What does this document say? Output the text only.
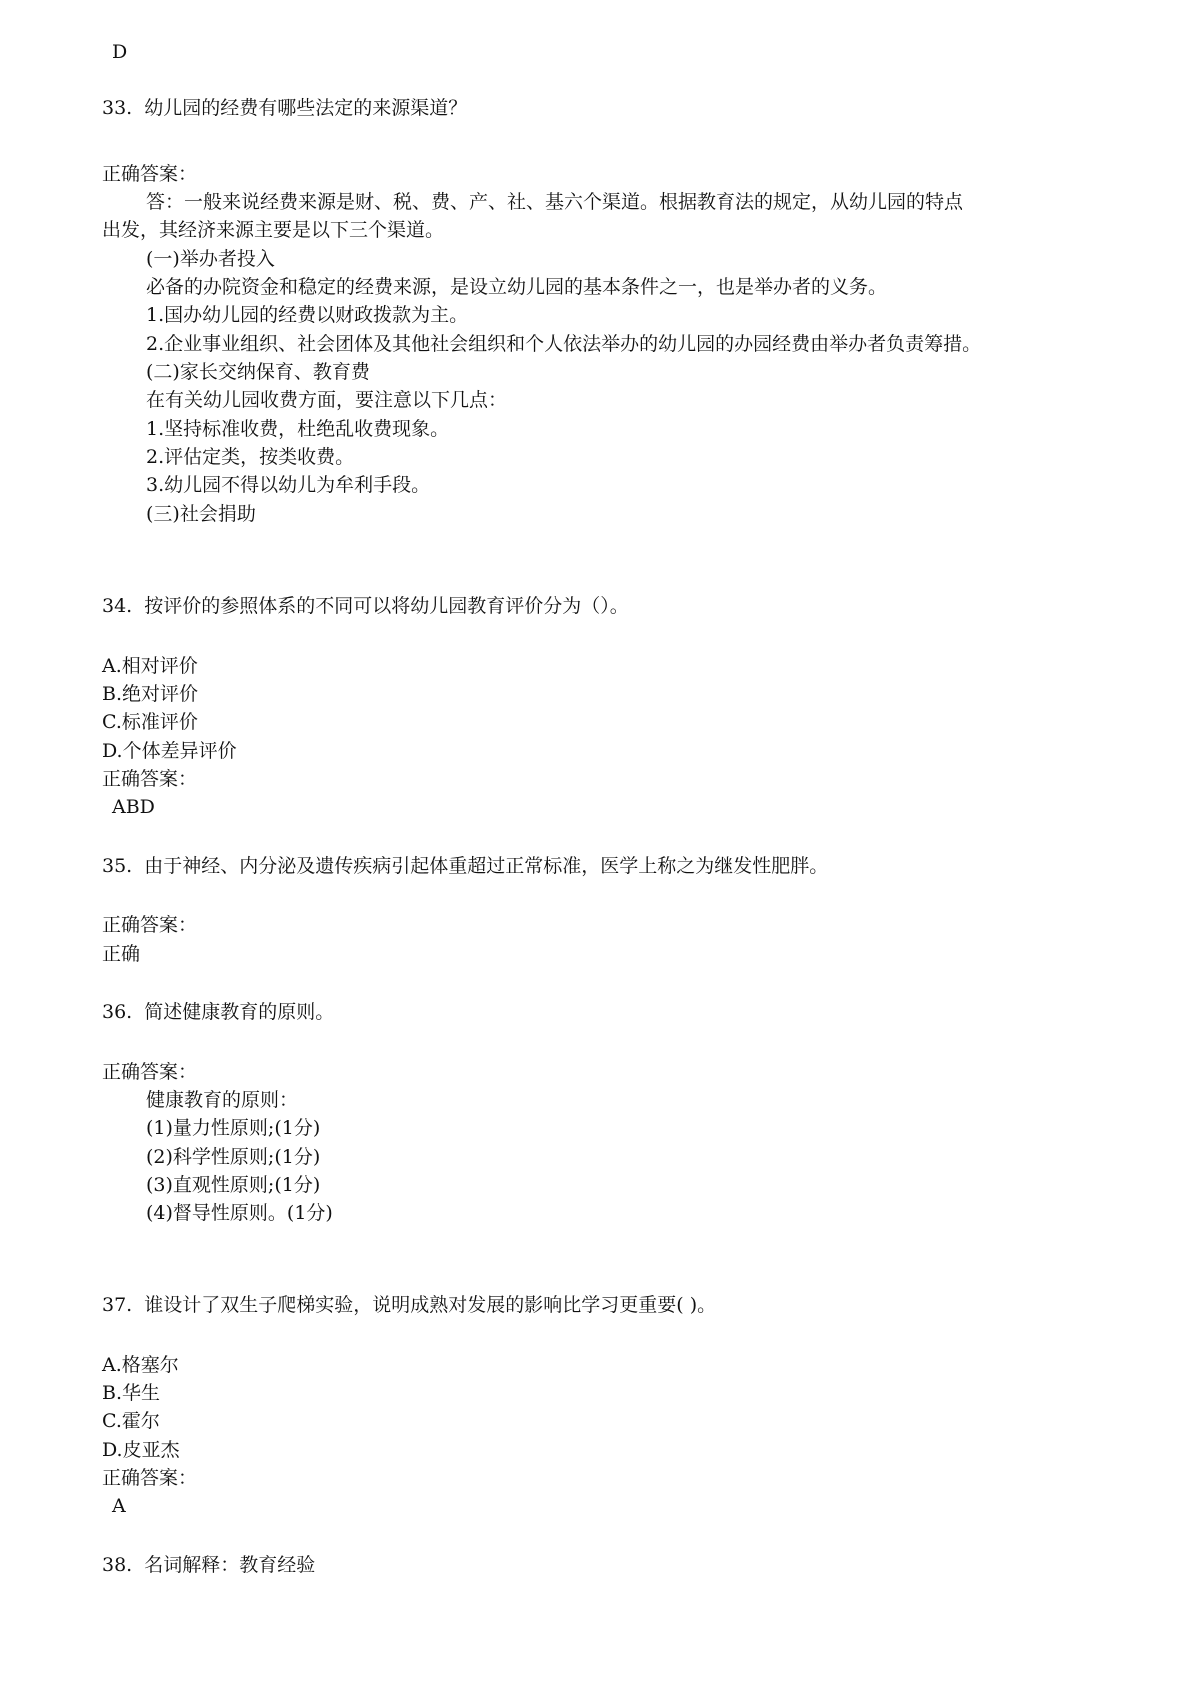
D
33.  幼儿园的经费有哪些法定的来源渠道？
正确答案：
答：一般来说经费来源是财、税、费、产、社、基六个渠道。根据教育法的规定，从幼儿园的特点
出发，其经济来源主要是以下三个渠道。
(一)举办者投入
必备的办院资金和稳定的经费来源，是设立幼儿园的基本条件之一，也是举办者的义务。
1.国办幼儿园的经费以财政拨款为主。
2.企业事业组织、社会团体及其他社会组织和个人依法举办的幼儿园的办园经费由举办者负责筹措。
(二)家长交纳保育、教育费
在有关幼儿园收费方面，要注意以下几点：
1.坚持标准收费，杜绝乱收费现象。
2.评估定类，按类收费。
3.幼儿园不得以幼儿为牟利手段。
(三)社会捐助
34.  按评价的参照体系的不同可以将幼儿园教育评价分为（）。
A.相对评价
B.绝对评价
C.标准评价
D.个体差异评价
正确答案：
ABD
35.  由于神经、内分泌及遗传疾病引起体重超过正常标准，医学上称之为继发性肥胖。
正确答案：
正确
36.  简述健康教育的原则。
正确答案：
健康教育的原则：
(1)量力性原则;(1分)
(2)科学性原则;(1分)
(3)直观性原则;(1分)
(4)督导性原则。(1分)
37.  谁设计了双生子爬梯实验，说明成熟对发展的影响比学习更重要( )。
A.格塞尔
B.华生
C.霍尔
D.皮亚杰
正确答案：
A
38.  名词解释：教育经验
